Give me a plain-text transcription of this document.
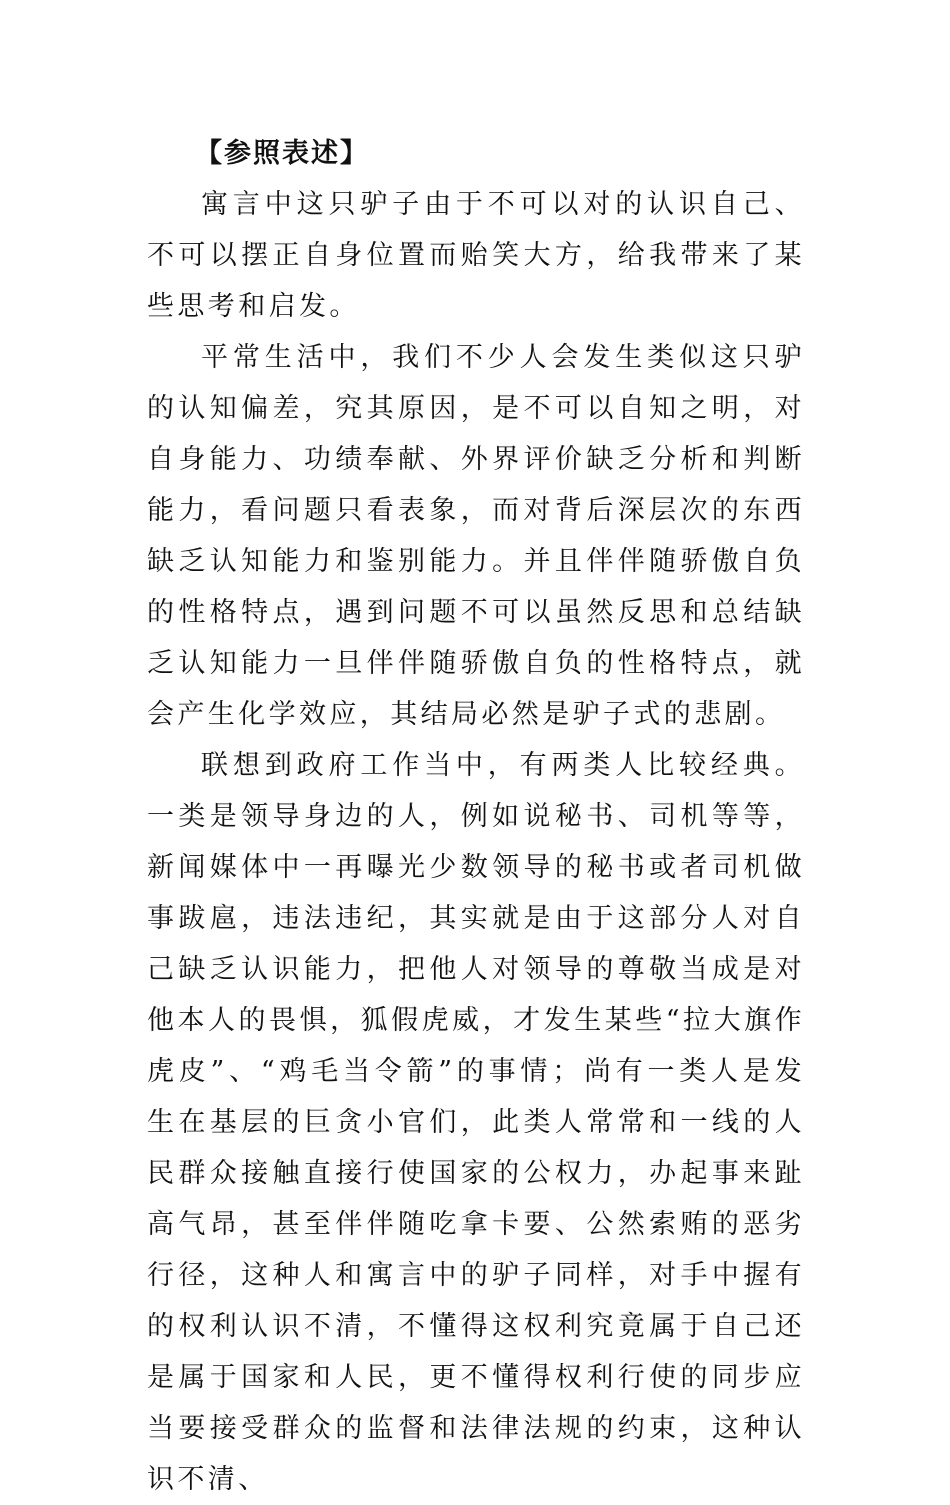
【参照表述】

寓言中这只驴子由于不可以对的认识自己、不可以摆正自身位置而贻笑大方，给我带来了某些思考和启发。

平常生活中，我们不少人会发生类似这只驴的认知偏差，究其原因，是不可以自知之明，对自身能力、功绩奉献、外界评价缺乏分析和判断能力，看问题只看表象，而对背后深层次的东西缺乏认知能力和鉴别能力。并且伴伴随骄傲自负的性格特点，遇到问题不可以虽然反思和总结缺乏认知能力一旦伴伴随骄傲自负的性格特点，就会产生化学效应，其结局必然是驴子式的悲剧。

联想到政府工作当中，有两类人比较经典。一类是领导身边的人，例如说秘书、司机等等，新闻媒体中一再曝光少数领导的秘书或者司机做事跋扈，违法违纪，其实就是由于这部分人对自己缺乏认识能力，把他人对领导的尊敬当成是对他本人的畏惧，狐假虎威，才发生某些“拉大旗作虎皮”、“鸡毛当令箭”的事情；尚有一类人是发生在基层的巨贪小官们，此类人常常和一线的人民群众接触直接行使国家的公权力，办起事来趾高气昂，甚至伴伴随吃拿卡要、公然索贿的恶劣行径，这种人和寓言中的驴子同样，对手中握有的权利认识不清，不懂得这权利究竟属于自己还是属于国家和人民，更不懂得权利行使的同步应当要接受群众的监督和法律法规的约束，这种认识不清、
